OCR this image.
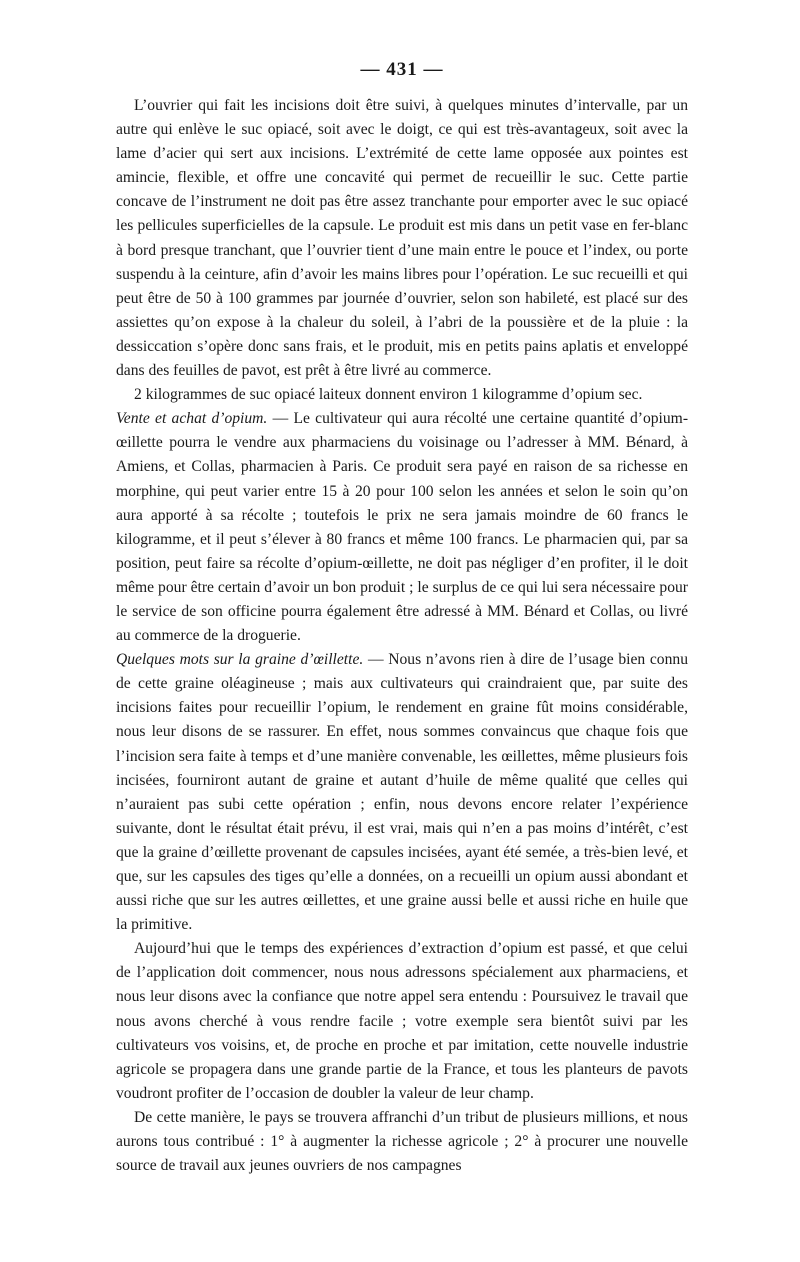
— 431 —

L’ouvrier qui fait les incisions doit être suivi, à quelques minutes d’intervalle, par un autre qui enlève le suc opiacé, soit avec le doigt, ce qui est très-avantageux, soit avec la lame d’acier qui sert aux incisions. L’extrémité de cette lame opposée aux pointes est amincie, flexible, et offre une concavité qui permet de recueillir le suc. Cette partie concave de l’instrument ne doit pas être assez tranchante pour emporter avec le suc opiacé les pellicules superficielles de la capsule. Le produit est mis dans un petit vase en fer-blanc à bord presque tranchant, que l’ouvrier tient d’une main entre le pouce et l’index, ou porte suspendu à la ceinture, afin d’avoir les mains libres pour l’opération. Le suc recueilli et qui peut être de 50 à 100 grammes par journée d’ouvrier, selon son habileté, est placé sur des assiettes qu’on expose à la chaleur du soleil, à l’abri de la poussière et de la pluie : la dessiccation s’opère donc sans frais, et le produit, mis en petits pains aplatis et enveloppé dans des feuilles de pavot, est prêt à être livré au commerce.

2 kilogrammes de suc opiacé laiteux donnent environ 1 kilogramme d’opium sec.

Vente et achat d’opium. — Le cultivateur qui aura récolté une certaine quantité d’opium-œillette pourra le vendre aux pharmaciens du voisinage ou l’adresser à MM. Bénard, à Amiens, et Collas, pharmacien à Paris. Ce produit sera payé en raison de sa richesse en morphine, qui peut varier entre 15 à 20 pour 100 selon les années et selon le soin qu’on aura apporté à sa récolte ; toutefois le prix ne sera jamais moindre de 60 francs le kilogramme, et il peut s’élever à 80 francs et même 100 francs. Le pharmacien qui, par sa position, peut faire sa récolte d’opium-œillette, ne doit pas négliger d’en profiter, il le doit même pour être certain d’avoir un bon produit ; le surplus de ce qui lui sera nécessaire pour le service de son officine pourra également être adressé à MM. Bénard et Collas, ou livré au commerce de la droguerie.

Quelques mots sur la graine d’œillette. — Nous n’avons rien à dire de l’usage bien connu de cette graine oléagineuse ; mais aux cultivateurs qui craindraient que, par suite des incisions faites pour recueillir l’opium, le rendement en graine fût moins considérable, nous leur disons de se rassurer. En effet, nous sommes convaincus que chaque fois que l’incision sera faite à temps et d’une manière convenable, les œillettes, même plusieurs fois incisées, fourniront autant de graine et autant d’huile de même qualité que celles qui n’auraient pas subi cette opération ; enfin, nous devons encore relater l’expérience suivante, dont le résultat était prévu, il est vrai, mais qui n’en a pas moins d’intérêt, c’est que la graine d’œillette provenant de capsules incisées, ayant été semée, a très-bien levé, et que, sur les capsules des tiges qu’elle a données, on a recueilli un opium aussi abondant et aussi riche que sur les autres œillettes, et une graine aussi belle et aussi riche en huile que la primitive.

Aujourd’hui que le temps des expériences d’extraction d’opium est passé, et que celui de l’application doit commencer, nous nous adressons spécialement aux pharmaciens, et nous leur disons avec la confiance que notre appel sera entendu : Poursuivez le travail que nous avons cherché à vous rendre facile ; votre exemple sera bientôt suivi par les cultivateurs vos voisins, et, de proche en proche et par imitation, cette nouvelle industrie agricole se propagera dans une grande partie de la France, et tous les planteurs de pavots voudront profiter de l’occasion de doubler la valeur de leur champ.

De cette manière, le pays se trouvera affranchi d’un tribut de plusieurs millions, et nous aurons tous contribué : 1° à augmenter la richesse agricole ; 2° à procurer une nouvelle source de travail aux jeunes ouvriers de nos campagnes
